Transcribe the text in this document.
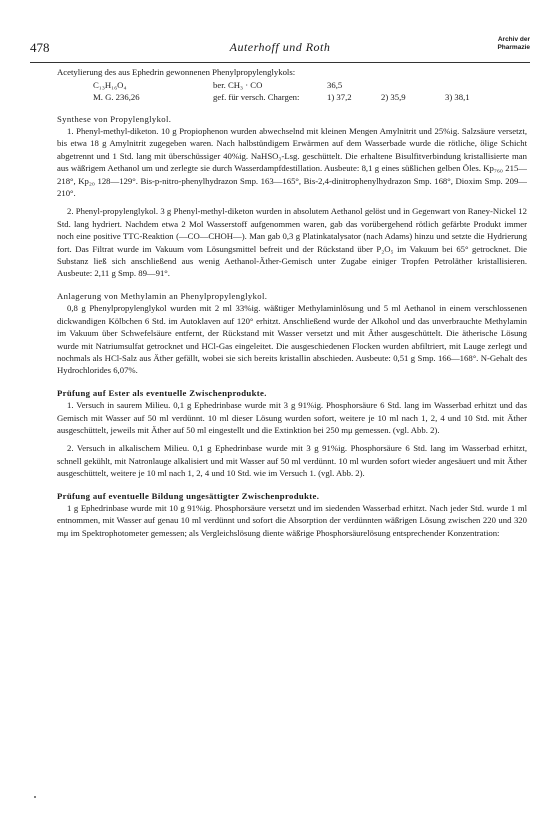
478	Auterhoff und Roth
Archiv der
Pharmazie

Acetylierung des aus Ephedrin gewonnenen Phenylpropylenglykols:

C₁₃H₁₆O₄	ber. CH₃ · CO	36,5
M. G. 236,26	gef. für versch. Chargen:	1) 37,2	2) 35,9	3) 38,1

Synthese von Propylenglykol.

1. Phenyl-methyl-diketon. 10 g Propiophenon wurden abwechselnd mit kleinen Mengen Amylnitrit und 25%ig. Salzsäure versetzt, bis etwa 18 g Amylnitrit zugegeben waren. Nach halbstündigem Erwärmen auf dem Wasserbade wurde die rötliche, ölige Schicht abgetrennt und 1 Std. lang mit überschüssiger 40%ig. NaHSO₃-Lsg. geschüttelt. Die erhaltene Bisulfitverbindung kristallisierte man aus wäßrigem Aethanol um und zerlegte sie durch Wasserdampfdestillation. Ausbeute: 8,1 g eines süßlichen gelben Öles. Kp₇₆₀ 215—218°, Kp₂₀ 128—129°. Bis-p-nitro-phenylhydrazon Smp. 163—165°, Bis-2,4-dinitrophenylhydrazon Smp. 168°, Dioxim Smp. 209—210°.

2. Phenyl-propylenglykol. 3 g Phenyl-methyl-diketon wurden in absolutem Aethanol gelöst und in Gegenwart von Raney-Nickel 12 Std. lang hydriert. Nachdem etwa 2 Mol Wasserstoff aufgenommen waren, gab das vorübergehend rötlich gefärbte Produkt immer noch eine positive TTC-Reaktion (—CO—CHOH—). Man gab 0,3 g Platinkatalysator (nach Adams) hinzu und setzte die Hydrierung fort. Das Filtrat wurde im Vakuum vom Lösungsmittel befreit und der Rückstand über P₂O₅ im Vakuum bei 65° getrocknet. Die Substanz ließ sich anschließend aus wenig Aethanol-Äther-Gemisch unter Zugabe einiger Tropfen Petroläther kristallisieren. Ausbeute: 2,11 g Smp. 89—91°.

Anlagerung von Methylamin an Phenylpropylenglykol.

0,8 g Phenylpropylenglykol wurden mit 2 ml 33%ig. wäßtiger Methylaminlösung und 5 ml Aethanol in einem verschlossenen dickwandigen Kölbchen 6 Std. im Autoklaven auf 120° erhitzt. Anschließend wurde der Alkohol und das unverbrauchte Methylamin im Vakuum über Schwefelsäure entfernt, der Rückstand mit Wasser versetzt und mit Äther ausgeschüttelt. Die ätherische Lösung wurde mit Natriumsulfat getrocknet und HCl-Gas eingeleitet. Die ausgeschiedenen Flocken wurden abfiltriert, mit Lauge zerlegt und nochmals als HCl-Salz aus Äther gefällt, wobei sie sich bereits kristallin abschieden. Ausbeute: 0,51 g Smp. 166—168°. N-Gehalt des Hydrochlorides 6,07%.

Prüfung auf Ester als eventuelle Zwischenprodukte.

1. Versuch in saurem Milieu. 0,1 g Ephedrinbase wurde mit 3 g 91%ig. Phosphorsäure 6 Std. lang im Wasserbad erhitzt und das Gemisch mit Wasser auf 50 ml verdünnt. 10 ml dieser Lösung wurden sofort, weitere je 10 ml nach 1, 2, 4 und 10 Std. mit Äther ausgeschüttelt, jeweils mit Äther auf 50 ml eingestellt und die Extinktion bei 250 mμ gemessen. (vgl. Abb. 2).

2. Versuch in alkalischem Milieu. 0,1 g Ephedrinbase wurde mit 3 g 91%ig. Phosphorsäure 6 Std. lang im Wasserbad erhitzt, schnell gekühlt, mit Natronlauge alkalisiert und mit Wasser auf 50 ml verdünnt. 10 ml wurden sofort wieder angesäuert und mit Äther ausgeschüttelt, weitere je 10 ml nach 1, 2, 4 und 10 Std. wie im Versuch 1. (vgl. Abb. 2).

Prüfung auf eventuelle Bildung ungesättigter Zwischenprodukte.

1 g Ephedrinbase wurde mit 10 g 91%ig. Phosphorsäure versetzt und im siedenden Wasserbad erhitzt. Nach jeder Std. wurde 1 ml entnommen, mit Wasser auf genau 10 ml verdünnt und sofort die Absorption der verdünnten wäßrigen Lösung zwischen 220 und 320 mμ im Spektrophotometer gemessen; als Vergleichslösung diente wäßrige Phosphorsäurelösung entsprechender Konzentration:
